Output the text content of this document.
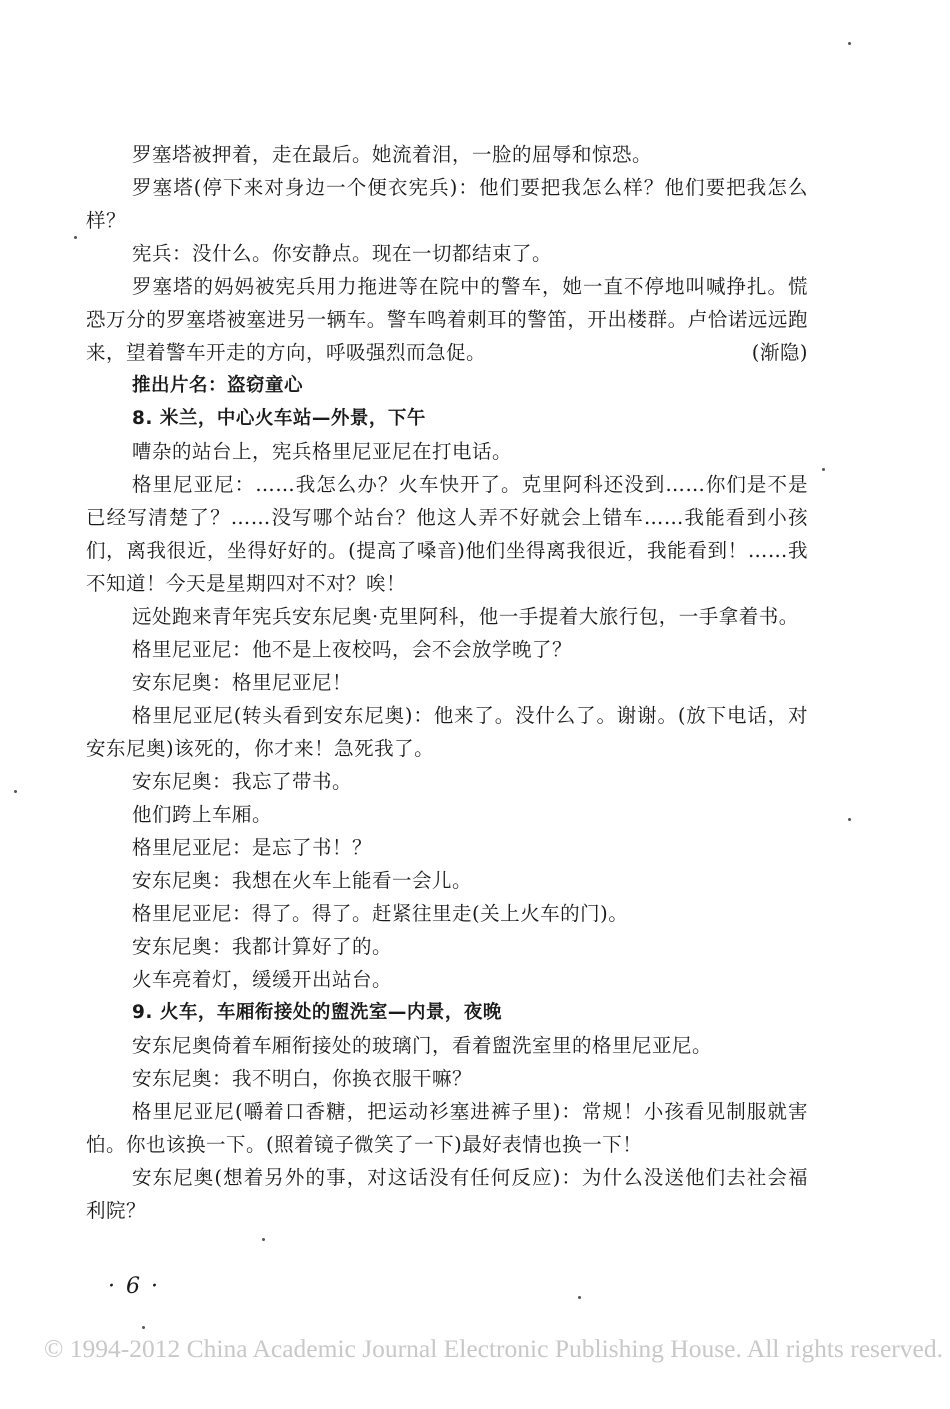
罗塞塔被押着，走在最后。她流着泪，一脸的屈辱和惊恐。

罗塞塔(停下来对身边一个便衣宪兵)：他们要把我怎么样？他们要把我怎么样？

宪兵：没什么。你安静点。现在一切都结束了。

罗塞塔的妈妈被宪兵用力拖进等在院中的警车，她一直不停地叫喊挣扎。慌恐万分的罗塞塔被塞进另一辆车。警车鸣着刺耳的警笛，开出楼群。卢恰诺远远跑来，望着警车开走的方向，呼吸强烈而急促。	(渐隐)

推出片名：盗窃童心

8. 米兰，中心火车站—外景，下午

嘈杂的站台上，宪兵格里尼亚尼在打电话。

格里尼亚尼：……我怎么办？火车快开了。克里阿科还没到……你们是不是已经写清楚了？……没写哪个站台？他这人弄不好就会上错车……我能看到小孩们，离我很近，坐得好好的。(提高了嗓音)他们坐得离我很近，我能看到！……我不知道！今天是星期四对不对？唉！

远处跑来青年宪兵安东尼奥·克里阿科，他一手提着大旅行包，一手拿着书。

格里尼亚尼：他不是上夜校吗，会不会放学晚了？

安东尼奥：格里尼亚尼！

格里尼亚尼(转头看到安东尼奥)：他来了。没什么了。谢谢。(放下电话，对安东尼奥)该死的，你才来！急死我了。

安东尼奥：我忘了带书。

他们跨上车厢。

格里尼亚尼：是忘了书！？

安东尼奥：我想在火车上能看一会儿。

格里尼亚尼：得了。得了。赶紧往里走(关上火车的门)。

安东尼奥：我都计算好了的。

火车亮着灯，缓缓开出站台。

9. 火车，车厢衔接处的盥洗室—内景，夜晚

安东尼奥倚着车厢衔接处的玻璃门，看着盥洗室里的格里尼亚尼。

安东尼奥：我不明白，你换衣服干嘛？

格里尼亚尼(嚼着口香糖，把运动衫塞进裤子里)：常规！小孩看见制服就害怕。你也该换一下。(照着镜子微笑了一下)最好表情也换一下！

安东尼奥(想着另外的事，对这话没有任何反应)：为什么没送他们去社会福利院？

· 6 ·
© 1994-2012 China Academic Journal Electronic Publishing House. All rights reserved.
